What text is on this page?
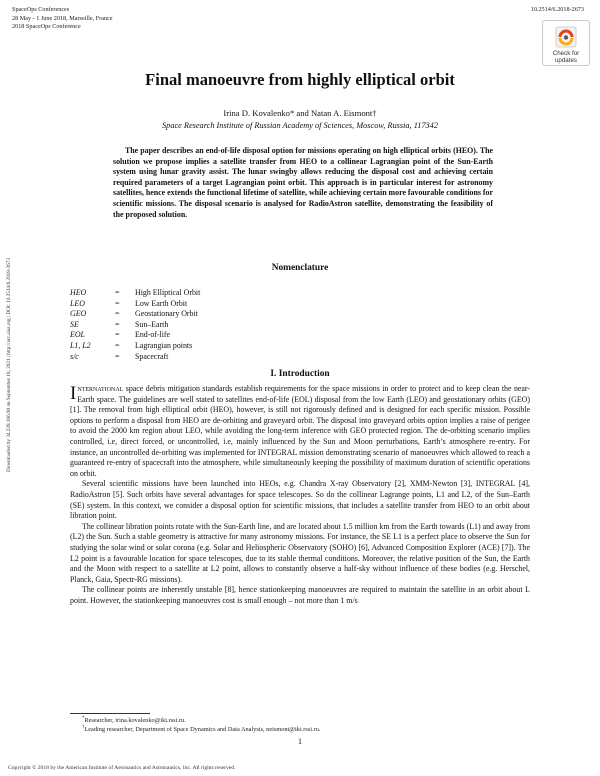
SpaceOps Conferences
28 May - 1 June 2018, Marseille, France
2018 SpaceOps Conference
10.2514/6.2018-2673
Check for
updates
Downloaded by 34.228.166.90 on September 18, 2021 | http://arc.aiaa.org | DOI: 10.2514/6.2018-2673
Final manoeuvre from highly elliptical orbit
Irina D. Kovalenko* and Natan A. Eismont†
Space Research Institute of Russian Academy of Sciences, Moscow, Russia, 117342

The paper describes an end-of-life disposal option for missions operating on high elliptical orbits (HEO). The solution we propose implies a satellite transfer from HEO to a collinear Lagrangian point of the Sun-Earth system using lunar gravity assist. The lunar swingby allows reducing the disposal cost and achieving certain required parameters of a target Lagrangian point orbit. This approach is in particular interest for astronomy satellites, hence extends the functional lifetime of satellite, while achieving certain more favourable conditions for scientific missions. The disposal scenario is analysed for RadioAstron satellite, demonstrating the feasibility of the proposed solution.

Nomenclature
HEO	=	High Elliptical Orbit
LEO	=	Low Earth Orbit
GEO	=	Geostationary Orbit
SE	=	Sun–Earth
EOL	=	End-of-life
L1, L2	=	Lagrangian points
s/c	=	Spacecraft
I. Introduction

International space debris mitigation standards establish requirements for the space missions in order to protect and to keep clean the near-Earth space. The guidelines are well stated to satellites end-of-life (EOL) disposal from the low Earth (LEO) and geostationary orbits (GEO) [1]. The removal from high elliptical orbit (HEO), however, is still not rigorously defined and is designed for each specific mission. Possible options to perform a disposal from HEO are de-orbiting and graveyard orbit. The disposal into graveyard orbits option implies a raise of perigee to avoid the 2000 km region about LEO, while avoiding the long-term inference with GEO protected region. The de-orbiting scenario implies controlled, i.e, direct forced, or uncontrolled, i.e, mainly influenced by the Sun and Moon perturbations, Earth’s atmosphere re-entry. For instance, an uncontrolled de-orbiting was implemented for INTEGRAL mission demonstrating scenario of manoeuvres which allowed to reach a guaranteed re-entry of spacecraft into the atmosphere, while simultaneously keeping the possibility of maximum duration of scientific operations on orbit.

Several scientific missions have been launched into HEOs, e.g. Chandra X-ray Observatory [2], XMM-Newton [3], INTEGRAL [4], RadioAstron [5]. Such orbits have several advantages for space telescopes. So do the collinear Lagrange points, L1 and L2, of the Sun–Earth (SE) system. In this context, we consider a disposal option for scientific missions, that includes a satellite transfer from HEO to an orbit about libration point.

The collinear libration points rotate with the Sun-Earth line, and are located about 1.5 million km from the Earth towards (L1) and away from (L2) the Sun. Such a stable geometry is attractive for many astronomy missions. For instance, the SE L1 is a perfect place to observe the Sun for studying the solar wind or solar corona (e.g. Solar and Heliospheric Observatory (SOHO) [6], Advanced Composition Explorer (ACE) [7]). The L2 point is a favourable location for space telescopes, due to its stable thermal conditions. Moreover, the relative position of the Sun, the Earth and the Moon with respect to a satellite at L2 point, allows to constantly observe a half-sky without influence of these bodies (e.g. Herschel, Planck, Gaia, Spectr-RG missions).

The collinear points are inherently unstable [8], hence stationkeeping manoeuvres are required to maintain the satellite in an orbit about L point. However, the stationkeeping manoeuvres cost is small enough – not more than 1 m/s

*Researcher, irina.kovalenko@iki.rssi.ru.
†Leading researcher, Department of Space Dynamics and Data Analysis, neismont@iki.rssi.ru.
1
Copyright © 2018 by the American Institute of Aeronautics and Astronautics, Inc. All rights reserved.
